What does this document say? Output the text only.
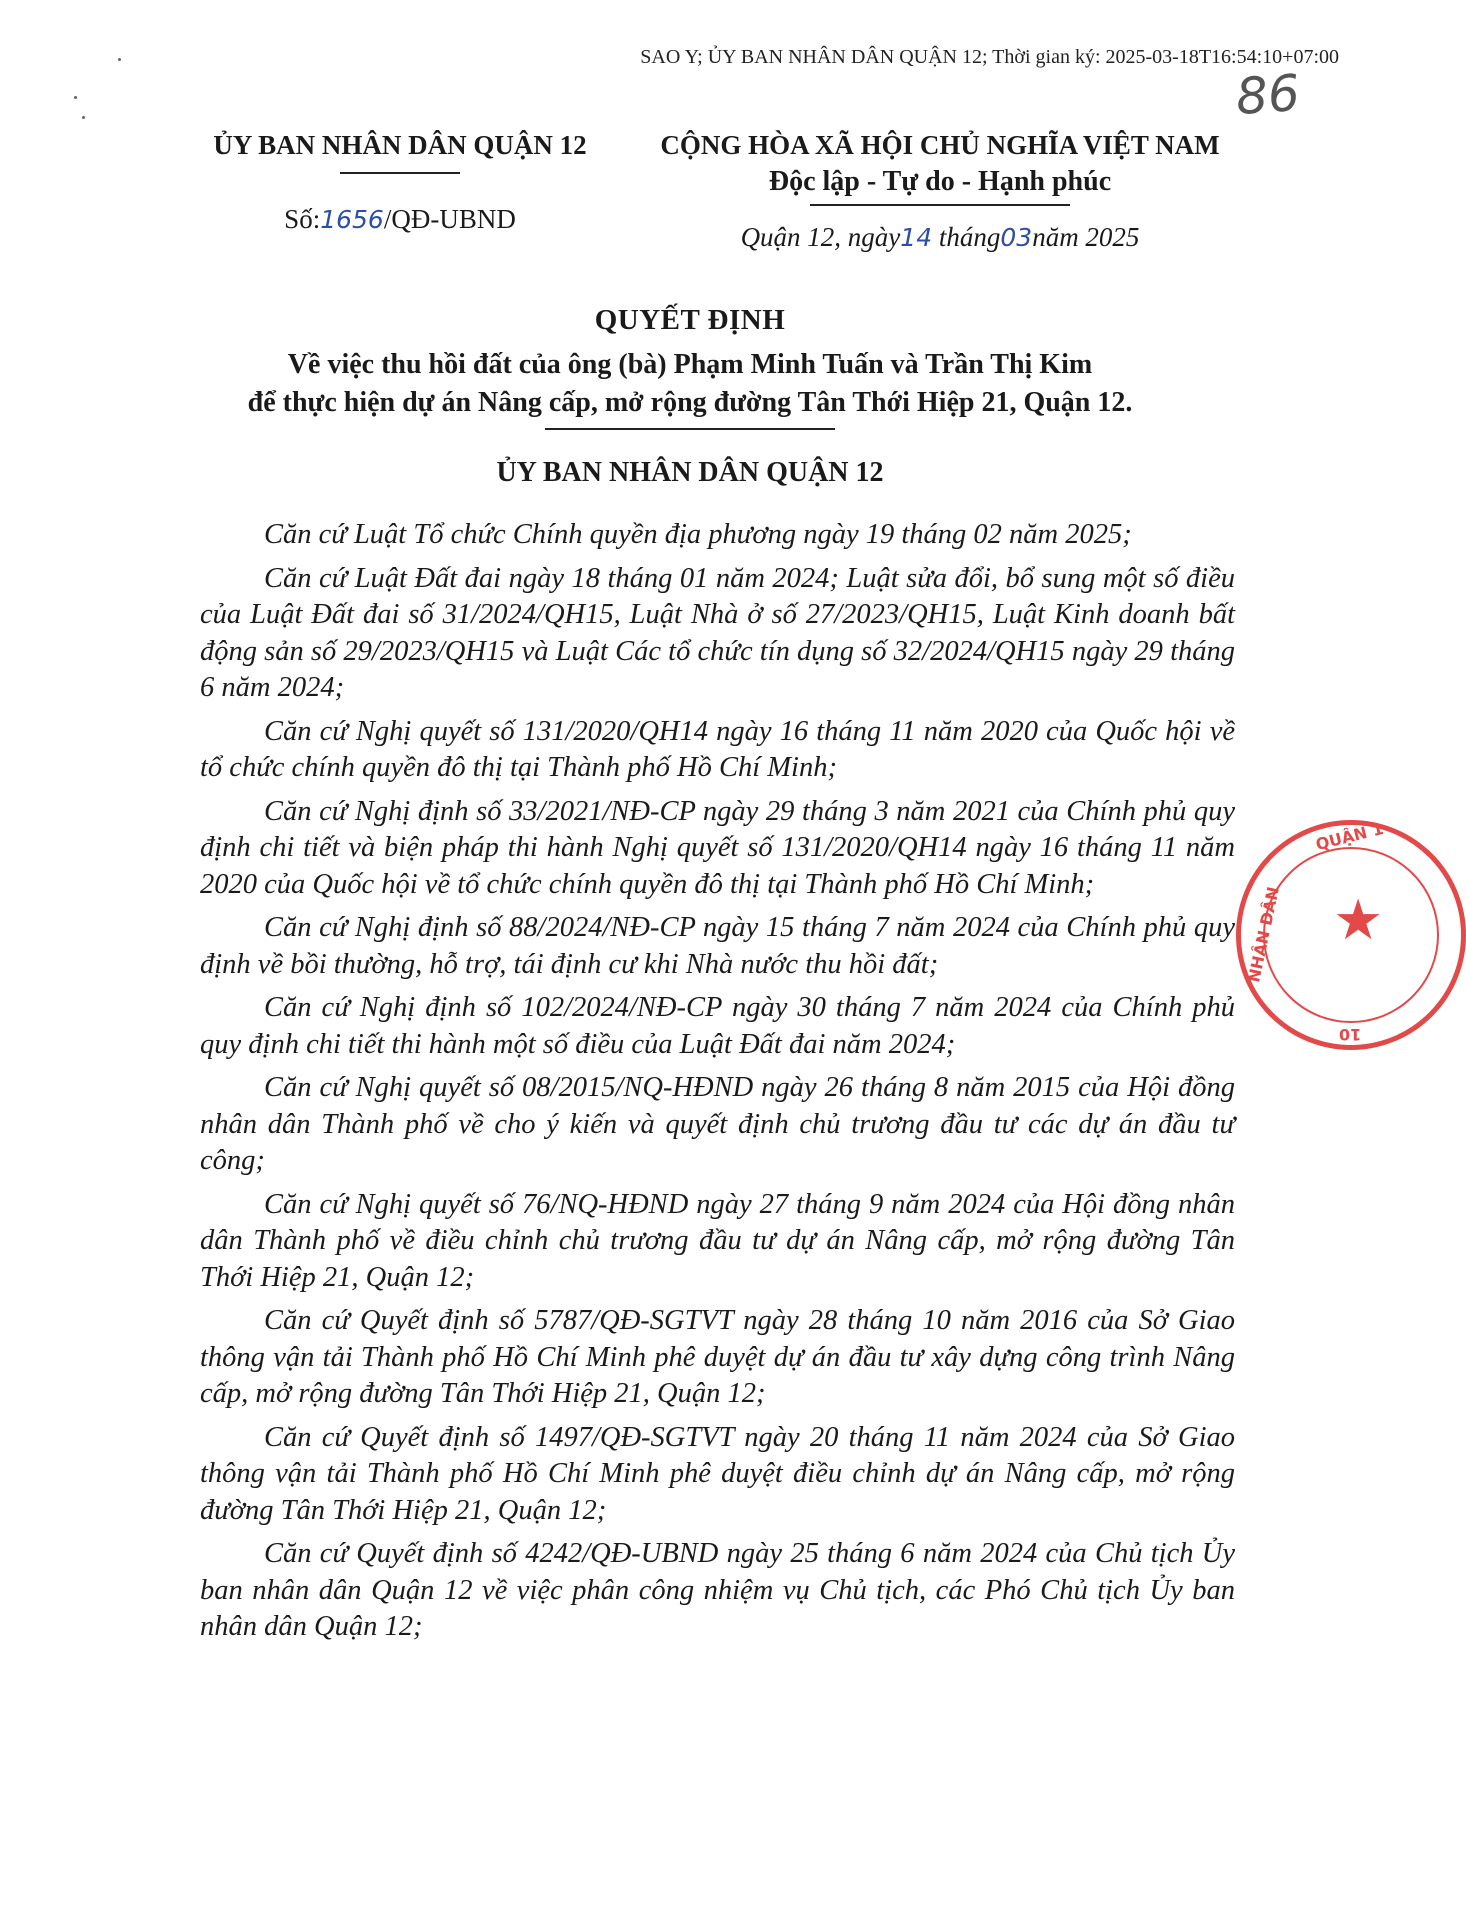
SAO Y; ỦY BAN NHÂN DÂN QUẬN 12; Thời gian ký: 2025-03-18T16:54:10+07:00
86
ỦY BAN NHÂN DÂN QUẬN 12
Số:1656/QĐ-UBND
CỘNG HÒA XÃ HỘI CHỦ NGHĨA VIỆT NAM
Độc lập - Tự do - Hạnh phúc
Quận 12, ngày14 tháng03năm 2025
QUYẾT ĐỊNH
Về việc thu hồi đất của ông (bà) Phạm Minh Tuấn và Trần Thị Kim
để thực hiện dự án Nâng cấp, mở rộng đường Tân Thới Hiệp 21, Quận 12.
ỦY BAN NHÂN DÂN QUẬN 12

Căn cứ Luật Tổ chức Chính quyền địa phương ngày 19 tháng 02 năm 2025;

Căn cứ Luật Đất đai ngày 18 tháng 01 năm 2024; Luật sửa đổi, bổ sung một số điều của Luật Đất đai số 31/2024/QH15, Luật Nhà ở số 27/2023/QH15, Luật Kinh doanh bất động sản số 29/2023/QH15 và Luật Các tổ chức tín dụng số 32/2024/QH15 ngày 29 tháng 6 năm 2024;

Căn cứ Nghị quyết số 131/2020/QH14 ngày 16 tháng 11 năm 2020 của Quốc hội về tổ chức chính quyền đô thị tại Thành phố Hồ Chí Minh;

Căn cứ Nghị định số 33/2021/NĐ-CP ngày 29 tháng 3 năm 2021 của Chính phủ quy định chi tiết và biện pháp thi hành Nghị quyết số 131/2020/QH14 ngày 16 tháng 11 năm 2020 của Quốc hội về tổ chức chính quyền đô thị tại Thành phố Hồ Chí Minh;

Căn cứ Nghị định số 88/2024/NĐ-CP ngày 15 tháng 7 năm 2024 của Chính phủ quy định về bồi thường, hỗ trợ, tái định cư khi Nhà nước thu hồi đất;

Căn cứ Nghị định số 102/2024/NĐ-CP ngày 30 tháng 7 năm 2024 của Chính phủ quy định chi tiết thi hành một số điều của Luật Đất đai năm 2024;

Căn cứ Nghị quyết số 08/2015/NQ-HĐND ngày 26 tháng 8 năm 2015 của Hội đồng nhân dân Thành phố về cho ý kiến và quyết định chủ trương đầu tư các dự án đầu tư công;

Căn cứ Nghị quyết số 76/NQ-HĐND ngày 27 tháng 9 năm 2024 của Hội đồng nhân dân Thành phố về điều chỉnh chủ trương đầu tư dự án Nâng cấp, mở rộng đường Tân Thới Hiệp 21, Quận 12;

Căn cứ Quyết định số 5787/QĐ-SGTVT ngày 28 tháng 10 năm 2016 của Sở Giao thông vận tải Thành phố Hồ Chí Minh phê duyệt dự án đầu tư xây dựng công trình Nâng cấp, mở rộng đường Tân Thới Hiệp 21, Quận 12;

Căn cứ Quyết định số 1497/QĐ-SGTVT ngày 20 tháng 11 năm 2024 của Sở Giao thông vận tải Thành phố Hồ Chí Minh phê duyệt điều chỉnh dự án Nâng cấp, mở rộng đường Tân Thới Hiệp 21, Quận 12;

Căn cứ Quyết định số 4242/QĐ-UBND ngày 25 tháng 6 năm 2024 của Chủ tịch Ủy ban nhân dân Quận 12 về việc phân công nhiệm vụ Chủ tịch, các Phó Chủ tịch Ủy ban nhân dân Quận 12;

★
QUẬN 1
NHÂN DÂN
10
